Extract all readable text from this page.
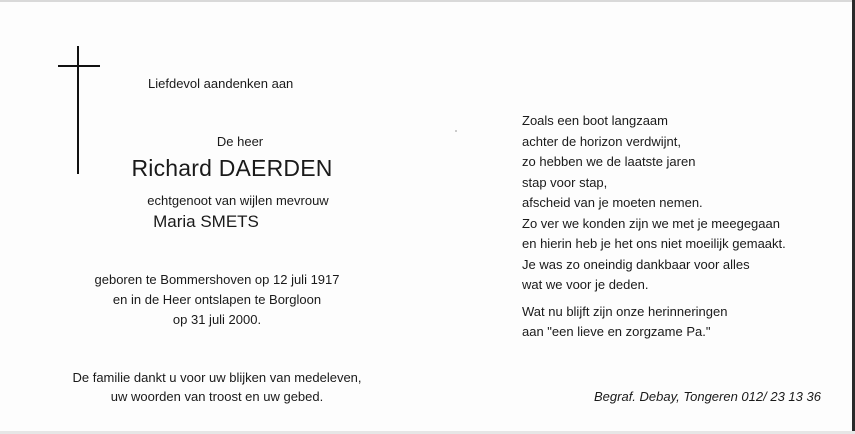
Liefdevol aandenken aan
De heer
Richard DAERDEN
echtgenoot van wijlen mevrouw
Maria SMETS
geboren te Bommershoven op 12 juli 1917
en in de Heer ontslapen te Borgloon
op 31 juli 2000.
De familie dankt u voor uw blijken van medeleven,
uw woorden van troost en uw gebed.
Zoals een boot langzaam
achter de horizon verdwijnt,
zo hebben we de laatste jaren
stap voor stap,
afscheid van je moeten nemen.
Zo ver we konden zijn we met je meegegaan
en hierin heb je het ons niet moeilijk gemaakt.
Je was zo oneindig dankbaar voor alles
wat we voor je deden.
Wat nu blijft zijn onze herinneringen
aan "een lieve en zorgzame Pa."
Begraf. Debay, Tongeren 012/ 23 13 36
